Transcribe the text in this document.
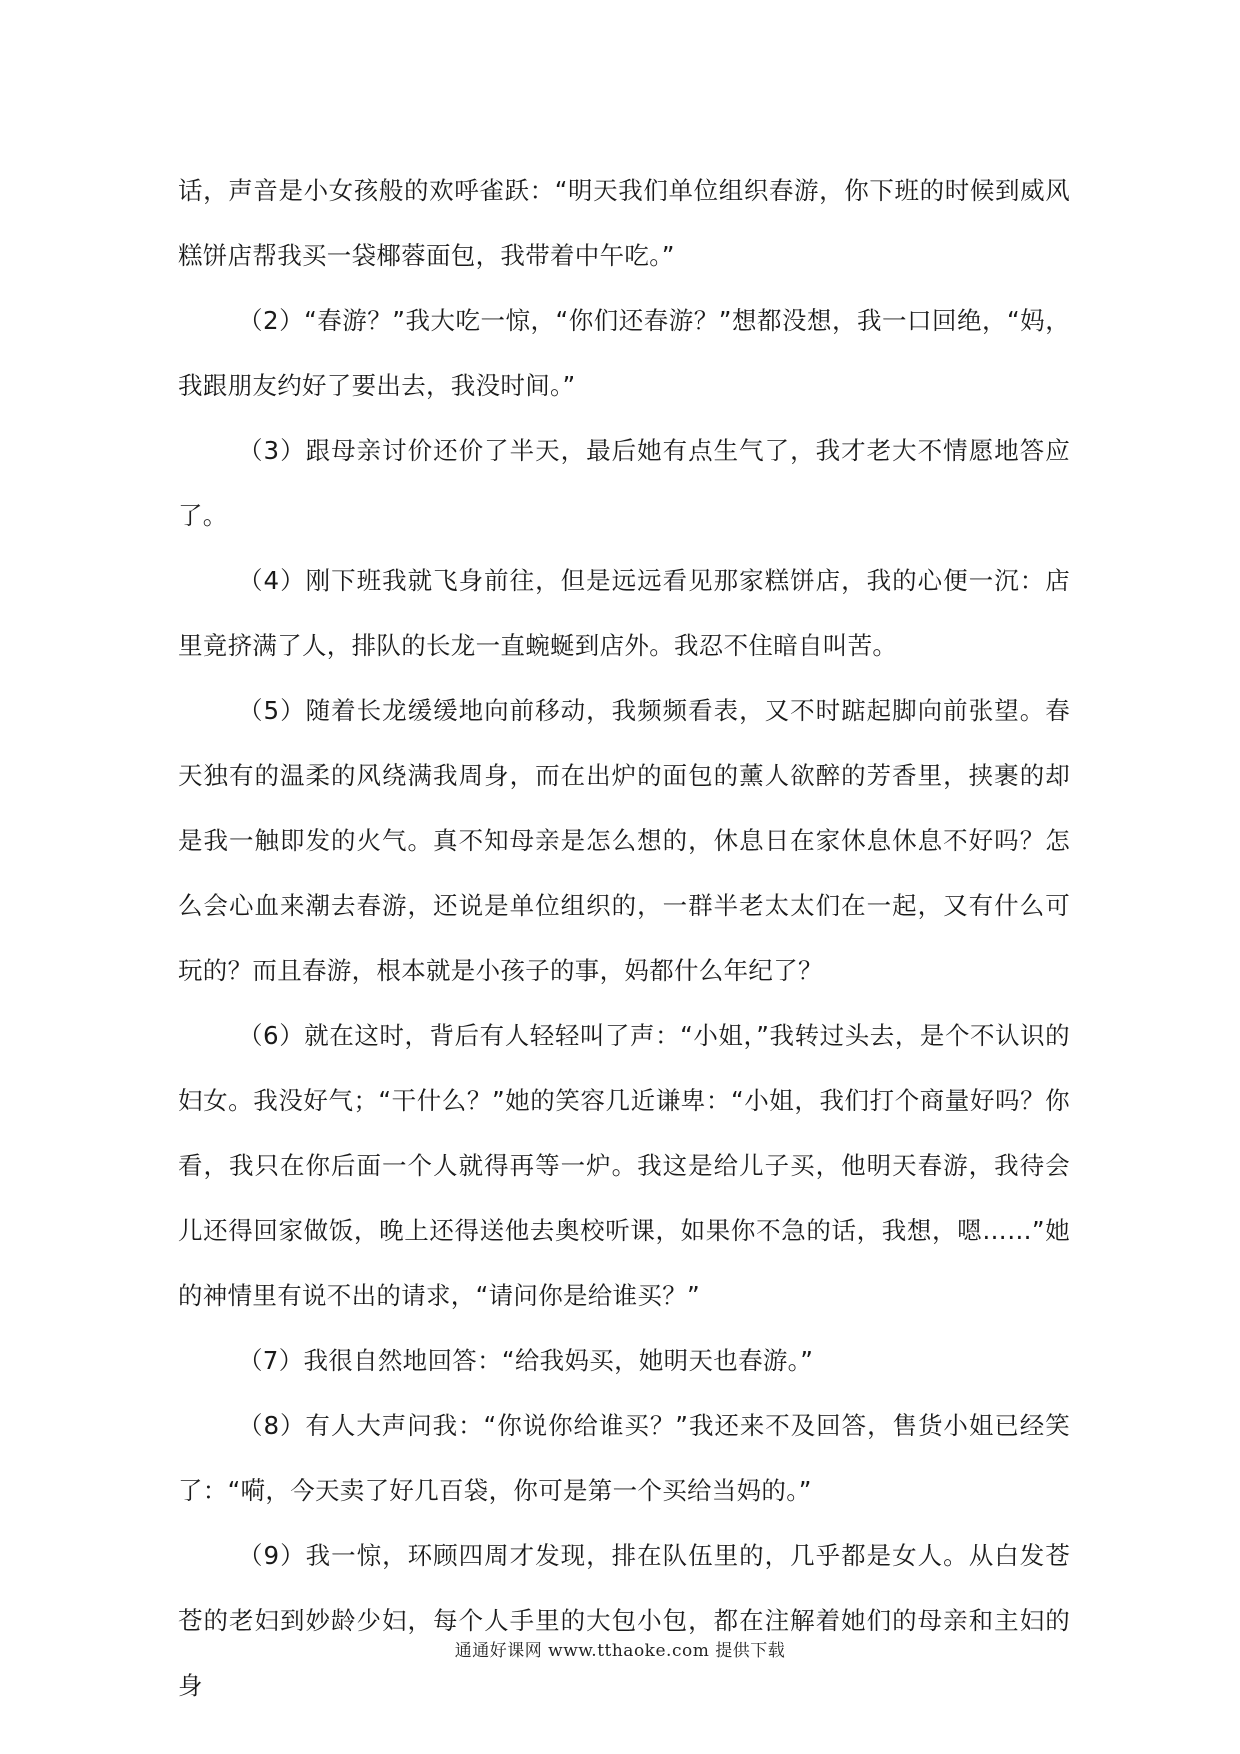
话，声音是小女孩般的欢呼雀跃：“明天我们单位组织春游，你下班的时候到威风糕饼店帮我买一袋椰蓉面包，我带着中午吃。”

（2）“春游？”我大吃一惊，“你们还春游？”想都没想，我一口回绝，“妈，我跟朋友约好了要出去，我没时间。”

（3）跟母亲讨价还价了半天，最后她有点生气了，我才老大不情愿地答应了。

（4）刚下班我就飞身前往，但是远远看见那家糕饼店，我的心便一沉：店里竟挤满了人，排队的长龙一直蜿蜒到店外。我忍不住暗自叫苦。

（5）随着长龙缓缓地向前移动，我频频看表，又不时踮起脚向前张望。春天独有的温柔的风绕满我周身，而在出炉的面包的薰人欲醉的芳香里，挟裹的却是我一触即发的火气。真不知母亲是怎么想的，休息日在家休息休息不好吗？怎么会心血来潮去春游，还说是单位组织的，一群半老太太们在一起，又有什么可玩的？而且春游，根本就是小孩子的事，妈都什么年纪了？

（6）就在这时，背后有人轻轻叫了声：“小姐，”我转过头去，是个不认识的妇女。我没好气；“干什么？”她的笑容几近谦卑：“小姐，我们打个商量好吗？你看，我只在你后面一个人就得再等一炉。我这是给儿子买，他明天春游，我待会儿还得回家做饭，晚上还得送他去奥校听课，如果你不急的话，我想，嗯……”她的神情里有说不出的请求，“请问你是给谁买？”

（7）我很自然地回答：“给我妈买，她明天也春游。”

（8）有人大声问我：“你说你给谁买？”我还来不及回答，售货小姐已经笑了：“嗬，今天卖了好几百袋，你可是第一个买给当妈的。”

（9）我一惊，环顾四周才发现，排在队伍里的，几乎都是女人。从白发苍苍的老妇到妙龄少妇，每个人手里的大包小包，都在注解着她们的母亲和主妇的身

通通好课网 www.tthaoke.com 提供下载
